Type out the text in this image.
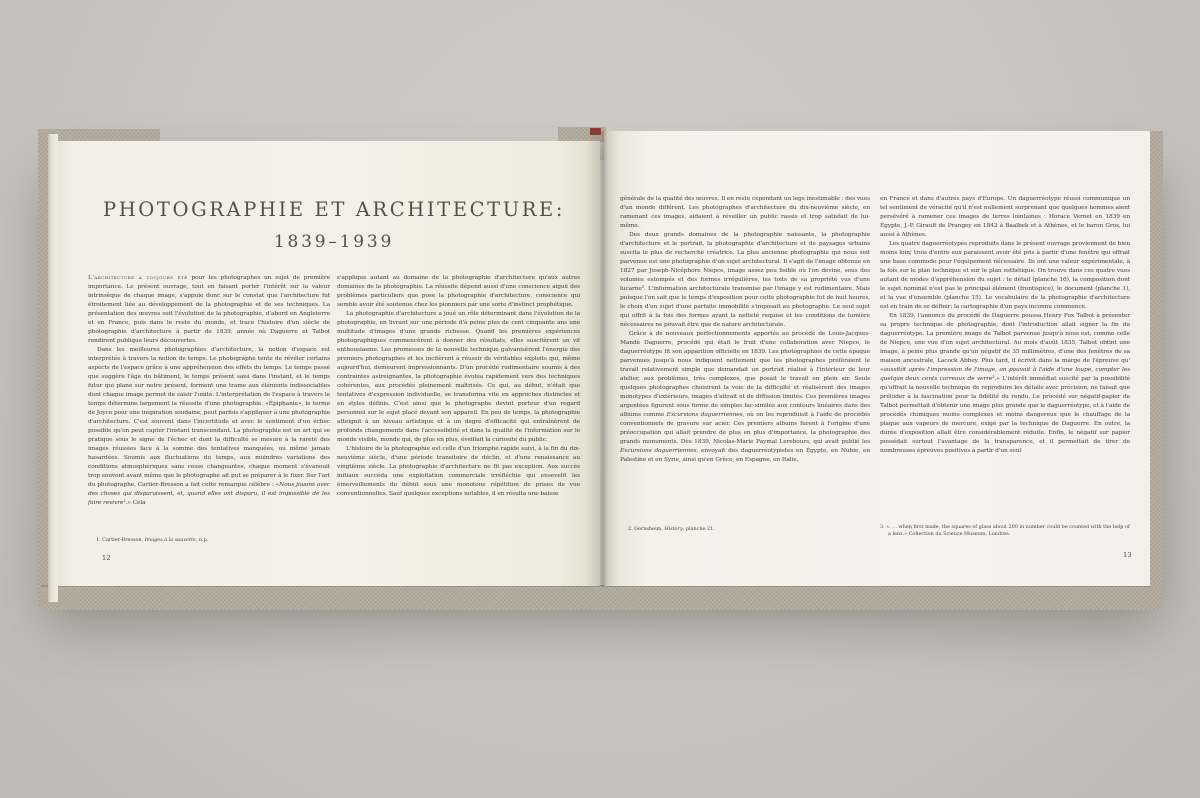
PHOTOGRAPHIE ET ARCHITECTURE:
1839–1939

L'architecture a toujours été pour les photographes un sujet de première importance. Le présent ouvrage, tout en faisant porter l'intérêt sur la valeur intrinsèque de chaque image, s'appuie donc sur le constat que l'architecture fut étroitement liée au développement de la photographie et de ses techniques. La présentation des œuvres suit l'évolution de la photographie, d'abord en Angleterre et en France, puis dans le reste du monde, et trace l'histoire d'un siècle de photographie d'architecture à partir de 1839, année où Daguerre et Talbot rendirent publique leurs découvertes.

Dans les meilleures photographies d'architecture, la notion d'espace est interprétée à travers la notion de temps. Le photographe tente de révéler certains aspects de l'espace grâce à une appréhension des effets du temps. Le temps passé que suggère l'âge du bâtiment, le temps présent saisi dans l'instant, et le temps futur qui plane sur notre présent, forment une trame aux éléments indissociables dont chaque image permet de saisir l'unité. L'interprétation de l'espace à travers le temps détermine largement la réussite d'une photographie. «Épiphanie», le terme de Joyce pour une inspiration soudaine, peut parfois s'appliquer à une photographie d'architecture. C'est souvent dans l'incertitude et avec le sentiment d'un échec possible qu'on peut capter l'instant transcendant. La photographie est un art qui se pratique sous le signe de l'échec et dont la difficulté se mesure à la rareté des images réussies face à la somme des tentatives manquées, ou même jamais hasardées. Soumis aux fluctuations du temps, aux moindres variations des conditions atmosphériques sans cesse changeantes, chaque moment s'évanouit trop souvent avant même que le photographe ait put se préparer à le fixer. Sur l'art du photographe, Cartier-Bresson a fait cette remarque célèbre : «Nous jouons avec des choses qui disparaissent, et, quand elles ont disparu, il est impossible de les faire revivre¹.» Cela

s'applique autant au domaine de la photographie d'architecture qu'aux autres domaines de la photographie. La réussite dépend aussi d'une conscience aiguë des problèmes particuliers que pose la photographie d'architecture, conscience qui semble avoir été soutenue chez les pionniers par une sorte d'instinct prophétique.

La photographie d'architecture a joué un rôle déterminant dans l'évolution de la photographie, en livrant sur une période d'à peine plus de cent cinquante ans une multitude d'images d'une grande richesse. Quand les premières expériences photographiques commencèrent à donner des résultats, elles suscitèrent un vif enthousiasme. Les promesses de la nouvelle technique galvanisèrent l'énergie des premiers photographes et les incitèrent à réussir de véritables exploits qui, même aujourd'hui, demeurent impressionnants. D'un procédé rudimentaire soumis à des contraintes astreignantes, la photographie évolua rapidement vers des techniques cohérentes, aux procédés pleinement maîtrisés. Ce qui, au début, n'était que tentatives d'expression individuelle, se transforma vite en approches distinctes et en styles définis. C'est ainsi que le photographe devint porteur d'un regard personnel sur le sujet placé devant son appareil. En peu de temps, la photographie atteignit à un niveau artistique et à un degré d'efficacité qui entraînèrent de profonds changements dans l'accessibilité et dans la qualité de l'information sur le monde visible, monde qui, de plus en plus, éveillait la curiosité du public.

L'histoire de la photographie est celle d'un triomphe rapide suivi, à la fin du dix-neuvième siècle, d'une période transitoire de déclin, et d'une renaissance au vingtième siècle. La photographie d'architecture ne fit pas exception. Aux succès initiaux succéda une exploitation commerciale irréfléchie qui ensevelit les émerveillements du début sous une monotone répétition de prises de vue conventionnelles. Sauf quelques exceptions notables, il en résulta une baisse

1. Cartier-Bresson, Images à la sauvette, n.p.

12

générale de la qualité des œuvres. Il en reste cependant un legs inestimable : des vues d'un monde différent. Les photographes d'architecture du dix-neuvième siècle, en ramenant ces images, aidaient à réveiller un public rassis et trop satisfait de lui-même.

Des deux grands domaines de la photographie naissante, la photographie d'architecture et le portrait, la photographie d'architecture et de paysages urbains suscita le plus de recherche créatrice. La plus ancienne photographie qui nous soit parvenue est une photographie d'un sujet architectural. Il s'agit de l'image obtenue en 1827 par Joseph-Nicéphore Niepce, image assez peu lisible où l'on devine, sous des volumes estompés et des formes irrégulières, les toits de sa propriété vus d'une lucarne². L'information architecturale transmise par l'image y est rudimentaire. Mais puisque l'on sait que le temps d'exposition pour cette photographie fut de huit heures, le choix d'un sujet d'une parfaite immobilité s'imposait au photographe. Le seul sujet qui offrit à la fois des formes ayant la netteté requise et les conditions de lumière nécessaires ne pouvait être que de nature architecturale.

Grâce à de nouveaux perfectionnements apportés au procédé de Louis-Jacques-Mandé Daguerre, procédé qui était le fruit d'une collaboration avec Niepce, le daguerréotype fit son apparition officielle en 1839. Les photographies de cette époque parvenues jusqu'à nous indiquent nettement que les photographes préféraient le travail relativement simple que demandait un portrait réalisé à l'intérieur de leur atelier, aux problèmes, très complexes, que posait le travail en plein air. Seuls quelques photographes choisirent la voie de la difficulté et réalisèrent des images monotypes d'extérieurs, images d'attrait et de diffusion limités. Ces premières images argentées figurent sous forme de simples fac-similés aux contours linéaires dans des albums comme Excursions daguerriennes, où on les reproduisit à l'aide de procédés conventionnels de gravure sur acier. Ces premiers albums furent à l'origine d'une préoccupation qui allait prendre de plus en plus d'importance, la photographie des grands monuments. Dès 1839, Nicolas-Marie Paymal Lerebours, qui avait publié les Excursions daguerriennes, envoyait des daguerréotypistes en Égypte, en Nubie, en Palestine et en Syrie, ainsi qu'en Grèce, en Espagne, en Italie,

en France et dans d'autres pays d'Europe. Un daguerréotype réussi communique un tel sentiment de véracité qu'il n'est nullement surprenant que quelques hommes aient persévéré à ramener ces images de terres lointaines : Horace Vernet en 1839 en Égypte, J.-P. Girault de Prangey en 1842 à Baalbek et à Athènes, et le baron Gros, lui aussi à Athènes.

Les quatre daguerréotypes reproduits dans le présent ouvrage proviennent de bien moins loin; trois d'entre eux paraissent avoir été pris à partir d'une fenêtre qui offrait une base commode pour l'équipement nécessaire. Ils ont une valeur expérimentale, à la fois sur le plan technique et sur le plan esthétique. On trouve dans ces quatre vues autant de modes d'appréhension du sujet : le détail (planche 16), la composition dont le sujet nominal n'est pas le principal élément (frontispice), le document (planche 1), et la vue d'ensemble (planche 15). Le vocabulaire de la photographie d'architecture est en train de se définir; la cartographie d'un pays inconnu commence.

En 1839, l'annonce du procédé de Daguerre poussa Henry Fox Talbot à présenter sa propre technique de photographie, dont l'introduction allait signer la fin du daguerréotype. La première image de Talbot parvenue jusqu'à nous est, comme celle de Niepce, une vue d'un sujet architectural. Au mois d'août 1835, Talbot obtint une image, à peine plus grande qu'un négatif de 35 millimètres, d'une des fenêtres de sa maison ancestrale, Lacock Abbey. Plus tard, il écrivit dans la marge de l'épreuve qu' «aussitôt après l'impression de l'image, on pouvait à l'aide d'une loupe, compter les quelque deux cents carreaux de verre³.» L'intérêt immédiat suscité par la possibilité qu'offrait la nouvelle technique de reproduire les détails avec précision, ne faisait que préluder à la fascination pour la fidélité du rendu. Le procédé sur négatif-papier de Talbot permettait d'obtenir une image plus grande que le daguerréotype, et à l'aide de procédés chimiques moins complexes et moins dangereux que le chauffage de la plaque aux vapeurs de mercure, exigé par la technique de Daguerre. En outre, la durée d'exposition allait être considérablement réduite. Enfin, le négatif sur papier possédait surtout l'avantage de la transparence, et il permettait de tirer de nombreuses épreuves positives à partir d'un seul

2. Gernsheim, History, planche 21.	3. «. . . when first made, the squares of glass about 200 in number could be counted with the help of a lens.» Collection du Science Museum, Londres.

13
